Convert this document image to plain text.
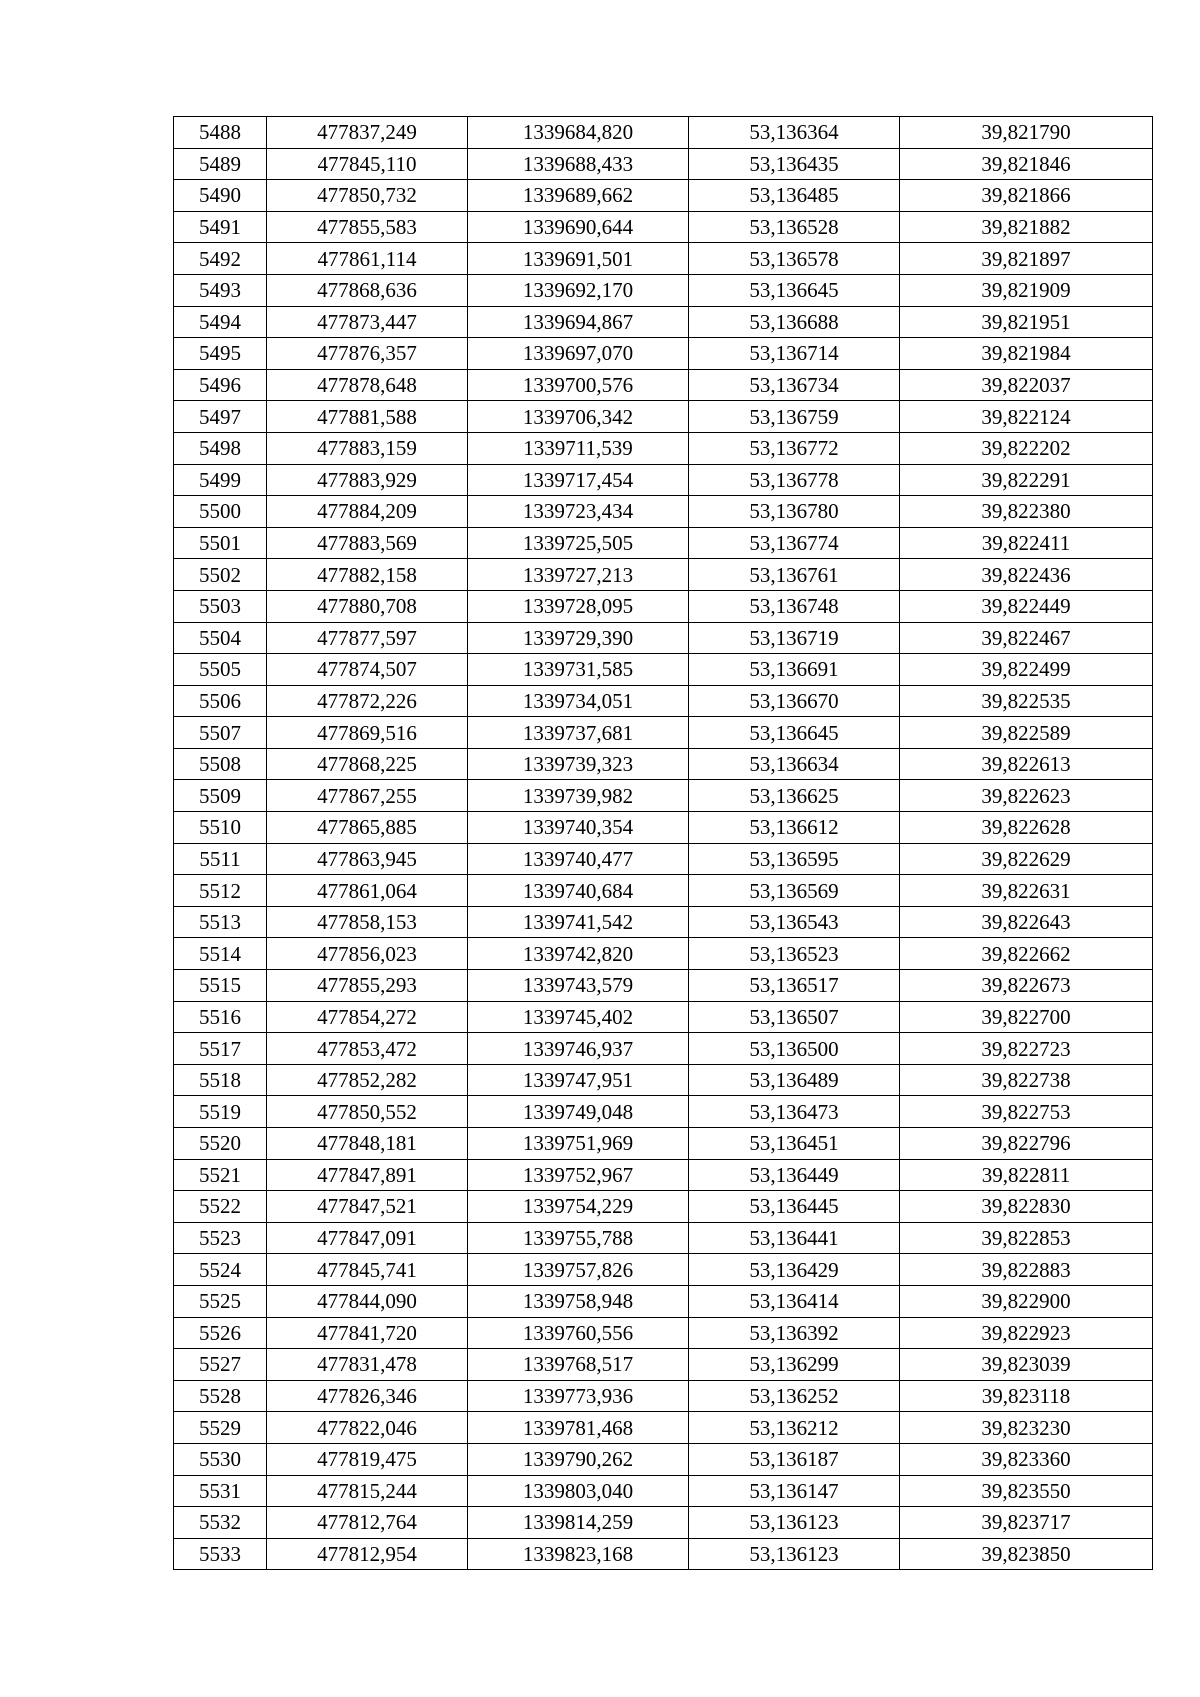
5488	477837,249	1339684,820	53,136364	39,821790
5489	477845,110	1339688,433	53,136435	39,821846
5490	477850,732	1339689,662	53,136485	39,821866
5491	477855,583	1339690,644	53,136528	39,821882
5492	477861,114	1339691,501	53,136578	39,821897
5493	477868,636	1339692,170	53,136645	39,821909
5494	477873,447	1339694,867	53,136688	39,821951
5495	477876,357	1339697,070	53,136714	39,821984
5496	477878,648	1339700,576	53,136734	39,822037
5497	477881,588	1339706,342	53,136759	39,822124
5498	477883,159	1339711,539	53,136772	39,822202
5499	477883,929	1339717,454	53,136778	39,822291
5500	477884,209	1339723,434	53,136780	39,822380
5501	477883,569	1339725,505	53,136774	39,822411
5502	477882,158	1339727,213	53,136761	39,822436
5503	477880,708	1339728,095	53,136748	39,822449
5504	477877,597	1339729,390	53,136719	39,822467
5505	477874,507	1339731,585	53,136691	39,822499
5506	477872,226	1339734,051	53,136670	39,822535
5507	477869,516	1339737,681	53,136645	39,822589
5508	477868,225	1339739,323	53,136634	39,822613
5509	477867,255	1339739,982	53,136625	39,822623
5510	477865,885	1339740,354	53,136612	39,822628
5511	477863,945	1339740,477	53,136595	39,822629
5512	477861,064	1339740,684	53,136569	39,822631
5513	477858,153	1339741,542	53,136543	39,822643
5514	477856,023	1339742,820	53,136523	39,822662
5515	477855,293	1339743,579	53,136517	39,822673
5516	477854,272	1339745,402	53,136507	39,822700
5517	477853,472	1339746,937	53,136500	39,822723
5518	477852,282	1339747,951	53,136489	39,822738
5519	477850,552	1339749,048	53,136473	39,822753
5520	477848,181	1339751,969	53,136451	39,822796
5521	477847,891	1339752,967	53,136449	39,822811
5522	477847,521	1339754,229	53,136445	39,822830
5523	477847,091	1339755,788	53,136441	39,822853
5524	477845,741	1339757,826	53,136429	39,822883
5525	477844,090	1339758,948	53,136414	39,822900
5526	477841,720	1339760,556	53,136392	39,822923
5527	477831,478	1339768,517	53,136299	39,823039
5528	477826,346	1339773,936	53,136252	39,823118
5529	477822,046	1339781,468	53,136212	39,823230
5530	477819,475	1339790,262	53,136187	39,823360
5531	477815,244	1339803,040	53,136147	39,823550
5532	477812,764	1339814,259	53,136123	39,823717
5533	477812,954	1339823,168	53,136123	39,823850
